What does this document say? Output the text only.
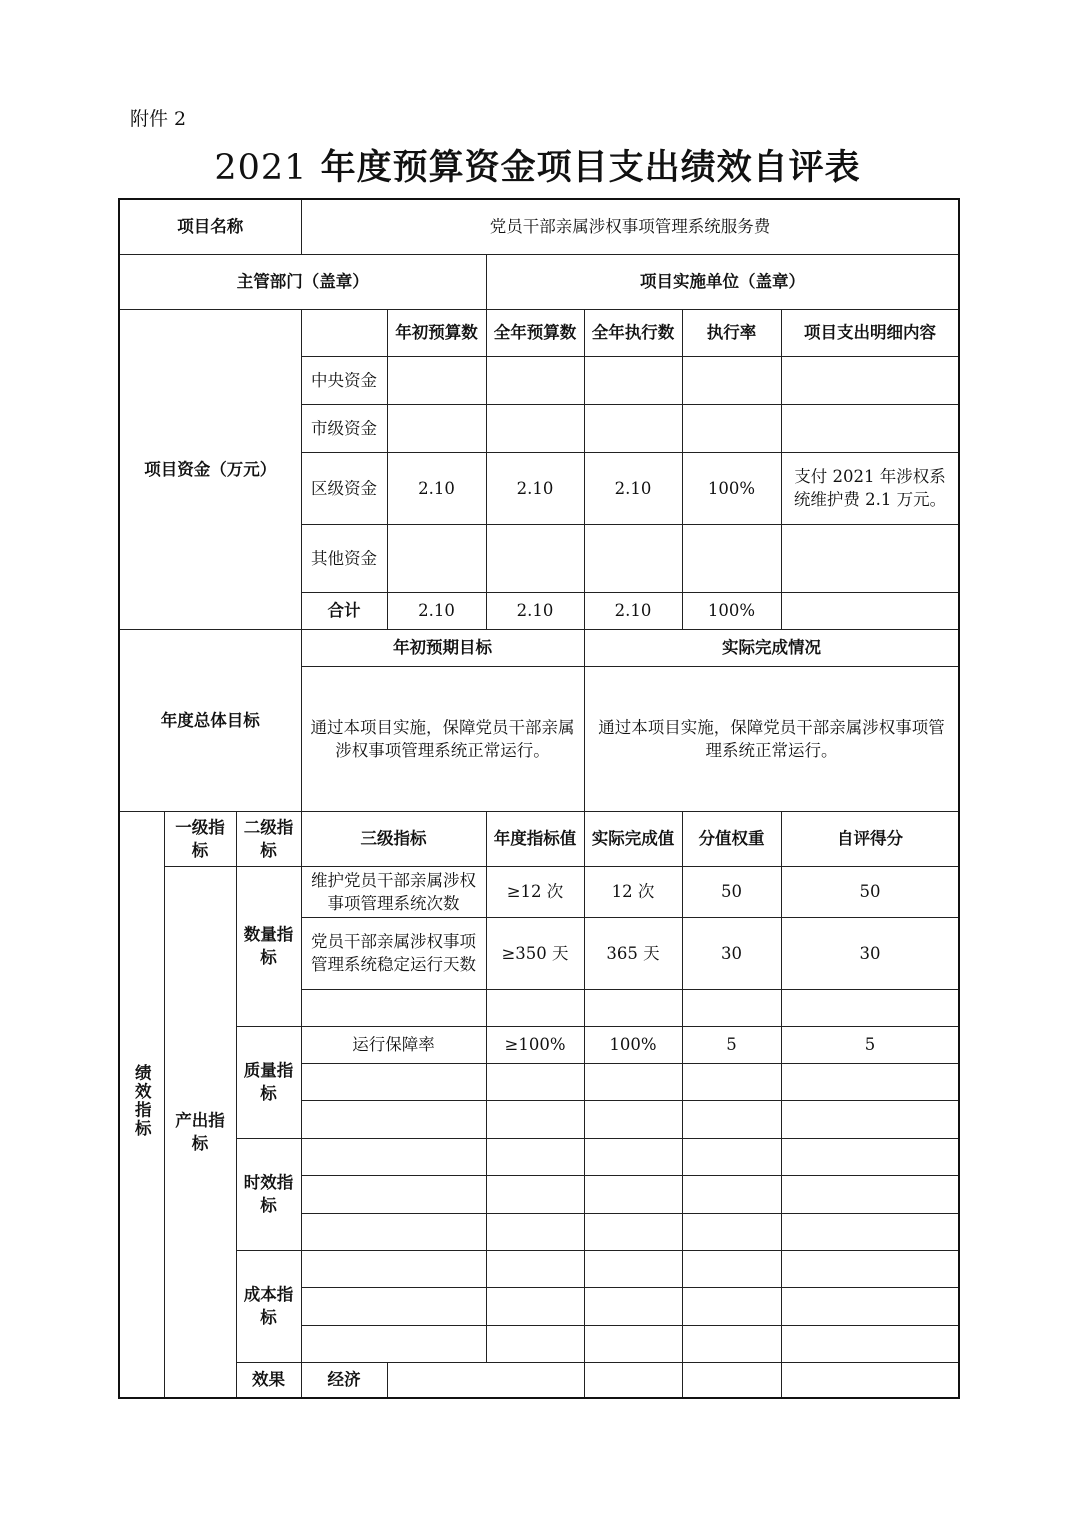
附件 2
2021 年度预算资金项目支出绩效自评表
项目名称			党员干部亲属涉权事项管理系统服务费						
主管部门（盖章）					项目实施单位（盖章）				
项目资金（万元）				年初预算数	全年预算数	全年执行数	执行率	项目支出明细内容	
			中央资金						
			市级资金						
			区级资金	2.10	2.10	2.10	100%	支付 2021 年涉权系统维护费 2.1 万元。	
			其他资金						
			合计	2.10	2.10	2.10	100%		
年度总体目标			年初预期目标			实际完成情况			
			通过本项目实施，保障党员干部亲属涉权事项管理系统正常运行。			通过本项目实施，保障党员干部亲属涉权事项管理系统正常运行。			
绩效指标	一级指标	二级指标	三级指标		年度指标值	实际完成值	分值权重	自评得分	
	产出指标	数量指标	维护党员干部亲属涉权事项管理系统次数		≥12 次	12 次	50	50	
			党员干部亲属涉权事项管理系统稳定运行天数		≥350 天	365 天	30	30	

		质量指标	运行保障率		≥100%	100%	5	5	

		时效指标							

		成本指标							

		效果	经济						
